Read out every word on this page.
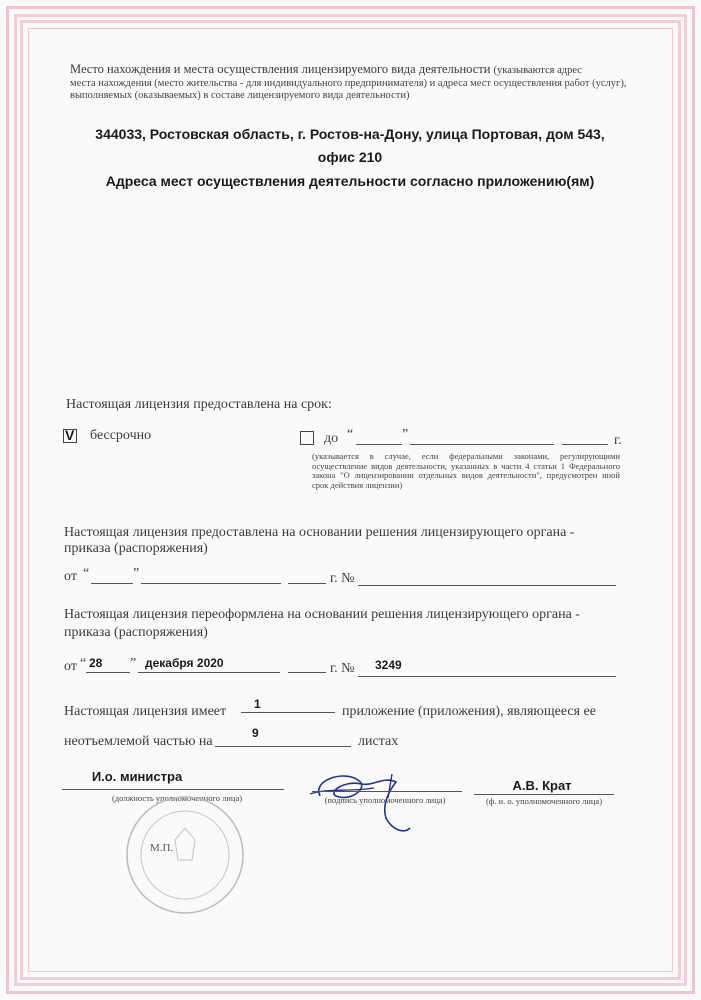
Место нахождения и места осуществления лицензируемого вида деятельности (указываются адрес
места нахождения (место жительства - для индивидуального предпринимателя) и адреса мест осуществления работ (услуг),
выполняемых (оказываемых) в составе лицензируемого вида деятельности)
344033, Ростовская область, г. Ростов-на-Дону, улица Портовая, дом 543,
офис 210
Адреса мест осуществления деятельности согласно приложению(ям)
Настоящая лицензия предоставлена на срок:
V бессрочно	до “	”	г.
(указывается в случае, если федеральными законами, регулирующими осуществление видов деятельности, указанных в части 4 статьи 1 Федерального закона "О лицензировании отдельных видов деятельности", предусмотрен иной срок действия лицензии)
Настоящая лицензия предоставлена на основании решения лицензирующего органа -
приказа (распоряжения)
от “	”	г. №
Настоящая лицензия переоформлена на основании решения лицензирующего органа -
приказа (распоряжения)
от “ 28 ” декабря 2020	г. № 3249
Настоящая лицензия имеет 1	приложение (приложения), являющееся ее
неотъемлемой частью на
9
листах
И.о. министра
(должность уполномоченного лица)	(подпись уполномоченного лица)
А.В. Крат
(ф. и. о. уполномоченного лица)
М.П.
